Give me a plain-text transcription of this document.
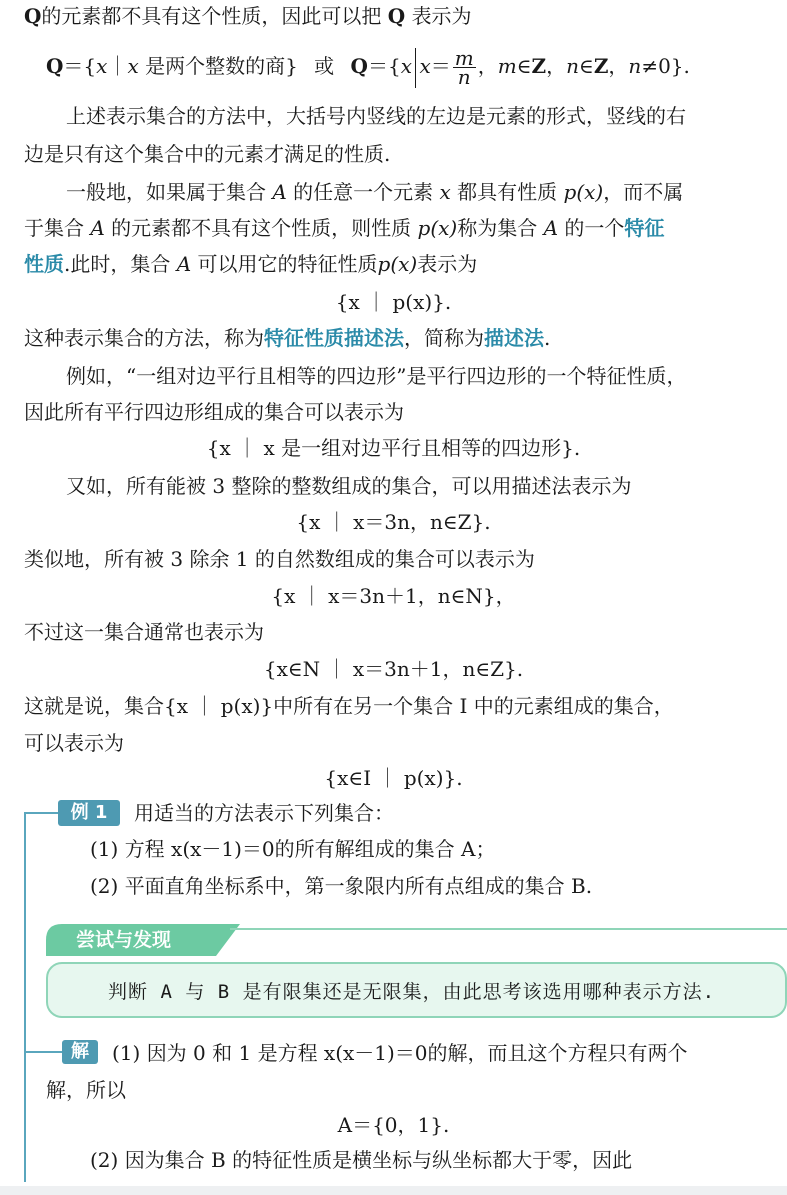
Q的元素都不具有这个性质，因此可以把 Q 表示为
Q＝{x｜x 是两个整数的商} 或 Q＝{x $x= \frac{m}{n}$ ，m∈Z，n∈Z，n≠0}.
上述表示集合的方法中，大括号内竖线的左边是元素的形式，竖线的右
边是只有这个集合中的元素才满足的性质.
一般地，如果属于集合 A 的任意一个元素 x 都具有性质 p(x)，而不属
于集合 A 的元素都不具有这个性质，则性质 p(x)称为集合 A 的一个特征
性质.此时，集合 A 可以用它的特征性质p(x)表示为
{x ｜ p(x)}.
这种表示集合的方法，称为特征性质描述法，简称为描述法.
例如，“一组对边平行且相等的四边形”是平行四边形的一个特征性质，
因此所有平行四边形组成的集合可以表示为
{x ｜ x 是一组对边平行且相等的四边形}.
又如，所有能被 3 整除的整数组成的集合，可以用描述法表示为
{x ｜ x＝3n，n∈Z}.
类似地，所有被 3 除余 1 的自然数组成的集合可以表示为
{x ｜ x＝3n＋1，n∈N}，
不过这一集合通常也表示为
{x∈N ｜ x＝3n＋1，n∈Z}.
这就是说，集合{x ｜ p(x)}中所有在另一个集合 I 中的元素组成的集合，
可以表示为
{x∈I ｜ p(x)}.
例 1	用适当的方法表示下列集合：
(1) 方程 x(x－1)＝0的所有解组成的集合 A；
(2) 平面直角坐标系中，第一象限内所有点组成的集合 B.
尝试与发现
判断 A 与 B 是有限集还是无限集，由此思考该选用哪种表示方法.
解	(1) 因为 0 和 1 是方程 x(x－1)＝0的解，而且这个方程只有两个
解，所以
A＝{0，1}.
(2) 因为集合 B 的特征性质是横坐标与纵坐标都大于零，因此
